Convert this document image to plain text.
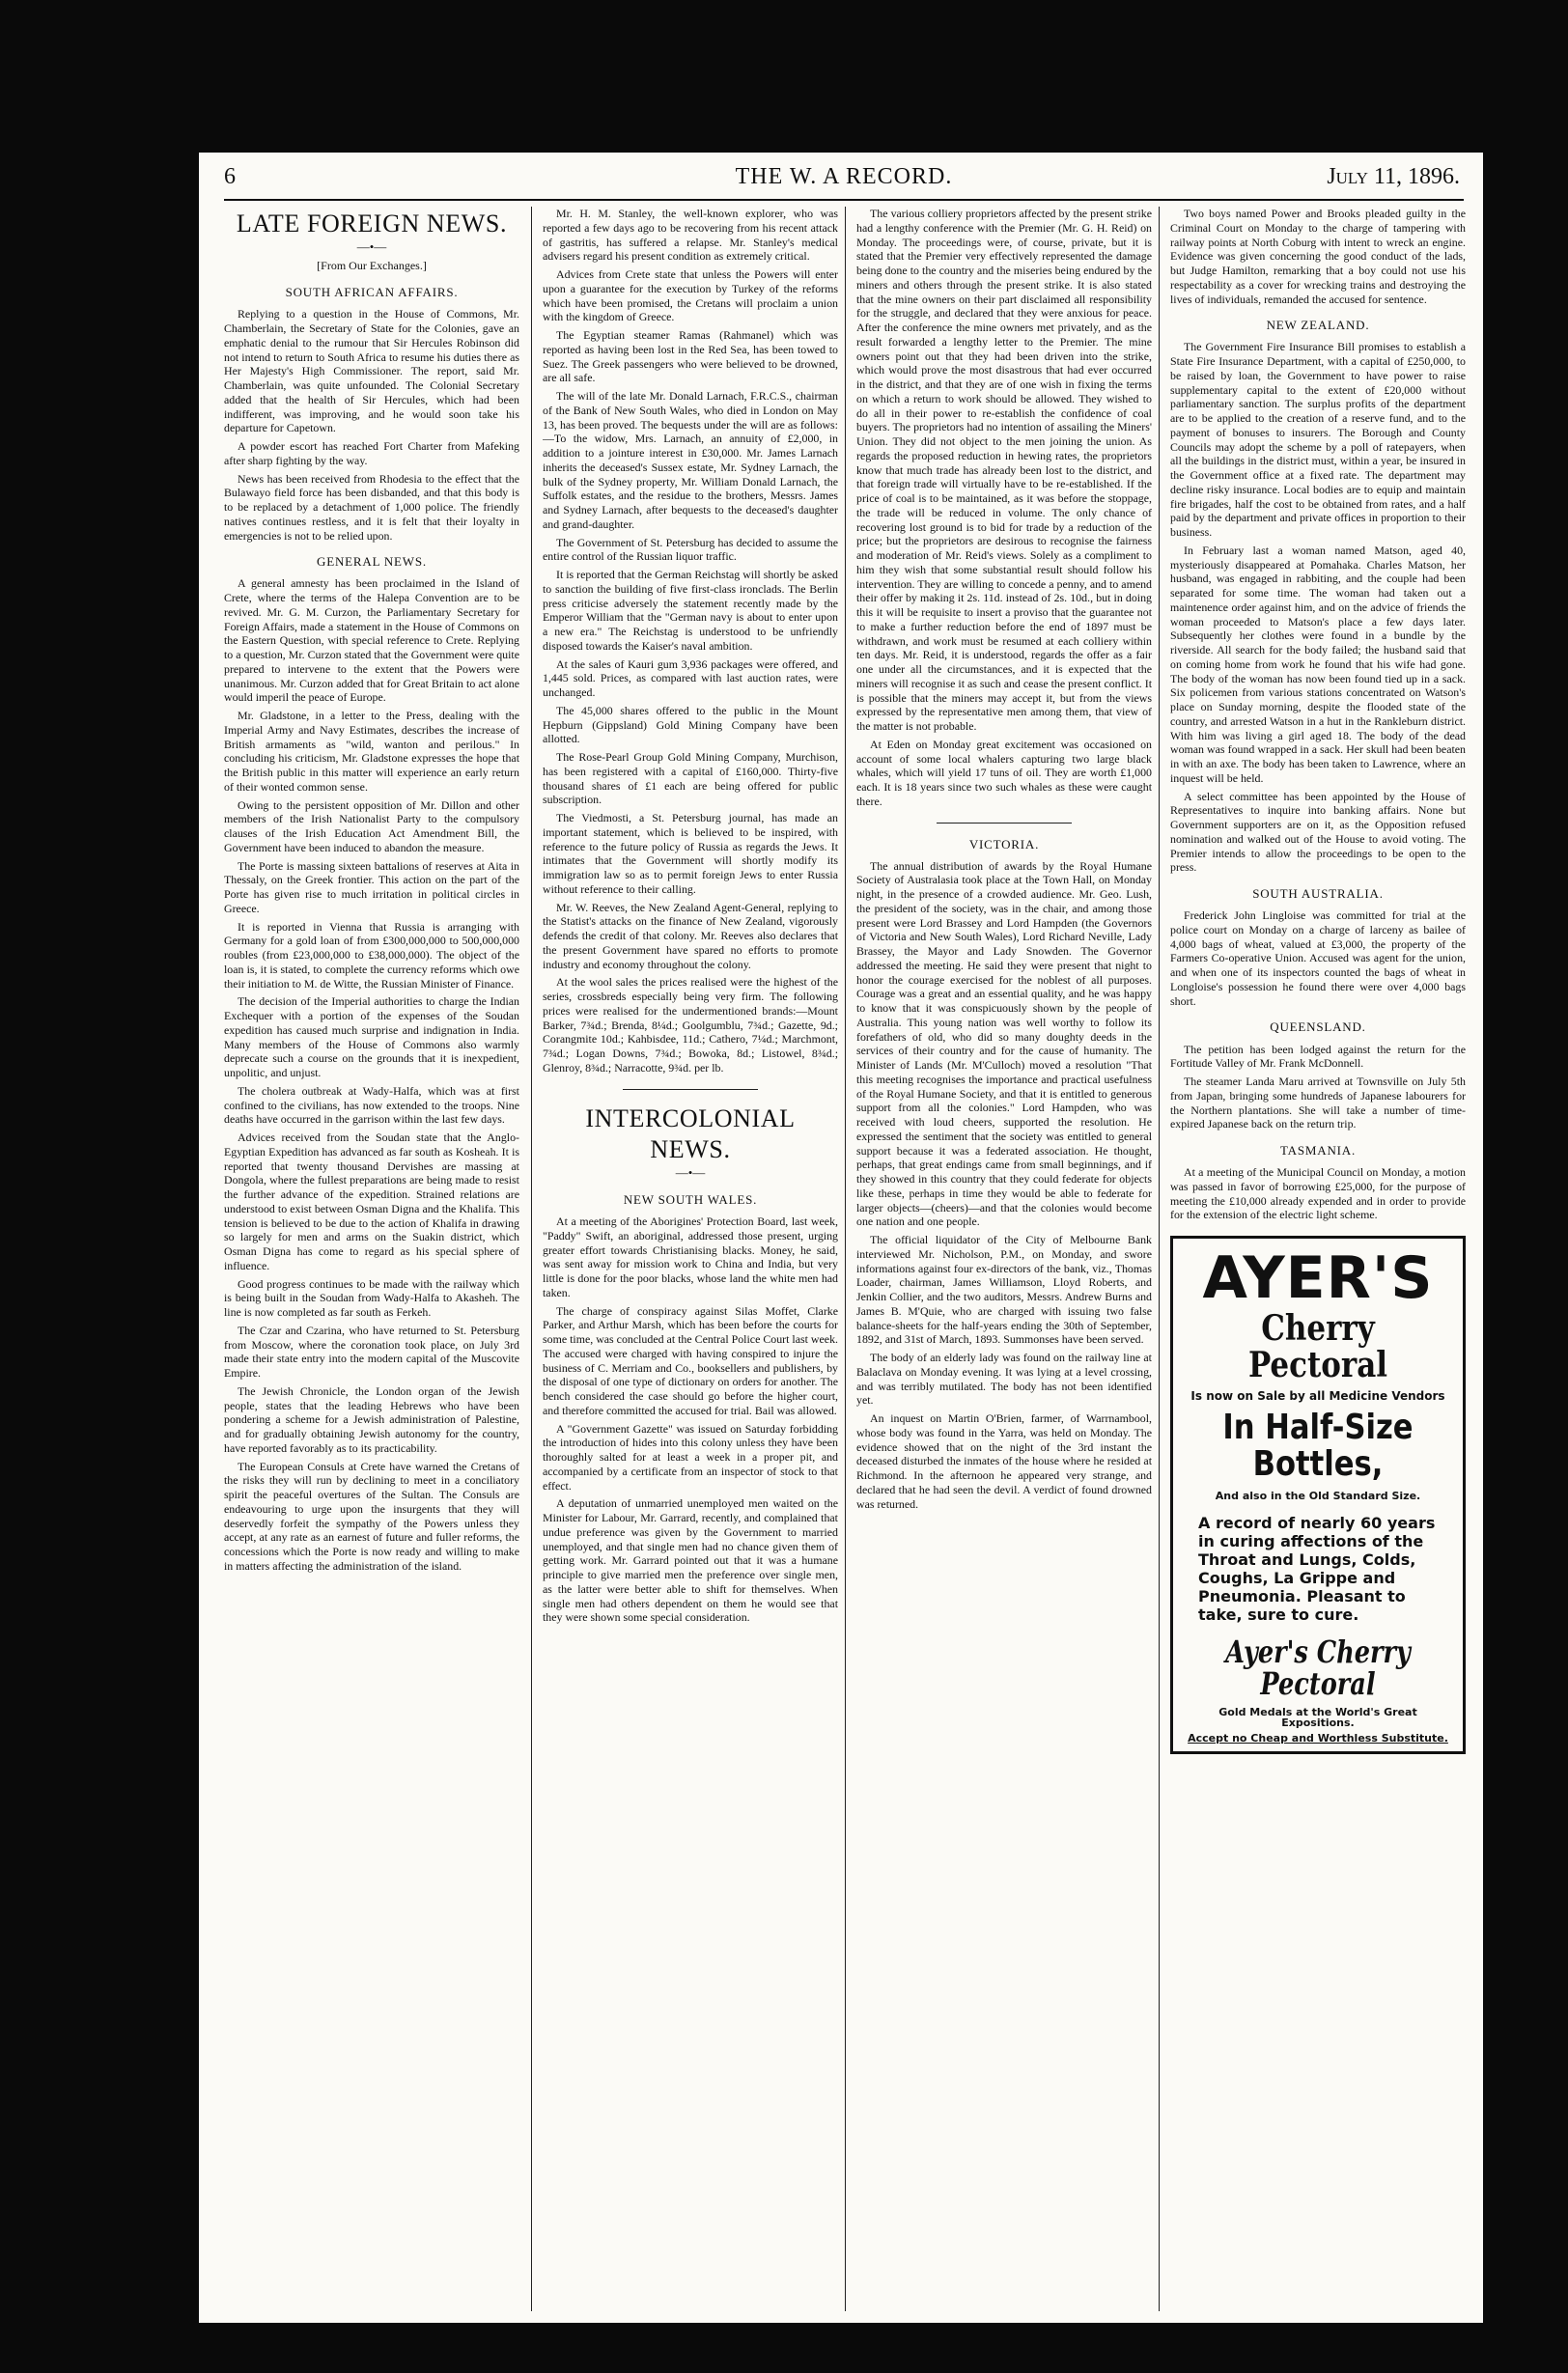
6	THE W. A RECORD.	July 11, 1896.
LATE FOREIGN NEWS.
—•—

[From Our Exchanges.]

SOUTH AFRICAN AFFAIRS.

Replying to a question in the House of Commons, Mr. Chamberlain, the Secretary of State for the Colonies, gave an emphatic denial to the rumour that Sir Hercules Robinson did not intend to return to South Africa to resume his duties there as Her Majesty's High Commissioner. The report, said Mr. Chamberlain, was quite unfounded. The Colonial Secretary added that the health of Sir Hercules, which had been indifferent, was improving, and he would soon take his departure for Capetown.

A powder escort has reached Fort Charter from Mafeking after sharp fighting by the way.

News has been received from Rhodesia to the effect that the Bulawayo field force has been disbanded, and that this body is to be replaced by a detachment of 1,000 police. The friendly natives continues restless, and it is felt that their loyalty in emergencies is not to be relied upon.

GENERAL NEWS.

A general amnesty has been proclaimed in the Island of Crete, where the terms of the Halepa Convention are to be revived. Mr. G. M. Curzon, the Parliamentary Secretary for Foreign Affairs, made a statement in the House of Commons on the Eastern Question, with special reference to Crete. Replying to a question, Mr. Curzon stated that the Government were quite prepared to intervene to the extent that the Powers were unanimous. Mr. Curzon added that for Great Britain to act alone would imperil the peace of Europe.

Mr. Gladstone, in a letter to the Press, dealing with the Imperial Army and Navy Estimates, describes the increase of British armaments as "wild, wanton and perilous." In concluding his criticism, Mr. Gladstone expresses the hope that the British public in this matter will experience an early return of their wonted common sense.

Owing to the persistent opposition of Mr. Dillon and other members of the Irish Nationalist Party to the compulsory clauses of the Irish Education Act Amendment Bill, the Government have been induced to abandon the measure.

The Porte is massing sixteen battalions of reserves at Aita in Thessaly, on the Greek frontier. This action on the part of the Porte has given rise to much irritation in political circles in Greece.

It is reported in Vienna that Russia is arranging with Germany for a gold loan of from £300,000,000 to 500,000,000 roubles (from £23,000,000 to £38,000,000). The object of the loan is, it is stated, to complete the currency reforms which owe their initiation to M. de Witte, the Russian Minister of Finance.

The decision of the Imperial authorities to charge the Indian Exchequer with a portion of the expenses of the Soudan expedition has caused much surprise and indignation in India. Many members of the House of Commons also warmly deprecate such a course on the grounds that it is inexpedient, unpolitic, and unjust.

The cholera outbreak at Wady-Halfa, which was at first confined to the civilians, has now extended to the troops. Nine deaths have occurred in the garrison within the last few days.

Advices received from the Soudan state that the Anglo-Egyptian Expedition has advanced as far south as Kosheah. It is reported that twenty thousand Dervishes are massing at Dongola, where the fullest preparations are being made to resist the further advance of the expedition. Strained relations are understood to exist between Osman Digna and the Khalifa. This tension is believed to be due to the action of Khalifa in drawing so largely for men and arms on the Suakin district, which Osman Digna has come to regard as his special sphere of influence.

Good progress continues to be made with the railway which is being built in the Soudan from Wady-Halfa to Akasheh. The line is now completed as far south as Ferkeh.

The Czar and Czarina, who have returned to St. Petersburg from Moscow, where the coronation took place, on July 3rd made their state entry into the modern capital of the Muscovite Empire.

The Jewish Chronicle, the London organ of the Jewish people, states that the leading Hebrews who have been pondering a scheme for a Jewish administration of Palestine, and for gradually obtaining Jewish autonomy for the country, have reported favorably as to its practicability.

The European Consuls at Crete have warned the Cretans of the risks they will run by declining to meet in a conciliatory spirit the peaceful overtures of the Sultan. The Consuls are endeavouring to urge upon the insurgents that they will deservedly forfeit the sympathy of the Powers unless they accept, at any rate as an earnest of future and fuller reforms, the concessions which the Porte is now ready and willing to make in matters affecting the administration of the island.

Mr. H. M. Stanley, the well-known explorer, who was reported a few days ago to be recovering from his recent attack of gastritis, has suffered a relapse. Mr. Stanley's medical advisers regard his present condition as extremely critical.

Advices from Crete state that unless the Powers will enter upon a guarantee for the execution by Turkey of the reforms which have been promised, the Cretans will proclaim a union with the kingdom of Greece.

The Egyptian steamer Ramas (Rahmanel) which was reported as having been lost in the Red Sea, has been towed to Suez. The Greek passengers who were believed to be drowned, are all safe.

The will of the late Mr. Donald Larnach, F.R.C.S., chairman of the Bank of New South Wales, who died in London on May 13, has been proved. The bequests under the will are as follows:—To the widow, Mrs. Larnach, an annuity of £2,000, in addition to a jointure interest in £30,000. Mr. James Larnach inherits the deceased's Sussex estate, Mr. Sydney Larnach, the bulk of the Sydney property, Mr. William Donald Larnach, the Suffolk estates, and the residue to the brothers, Messrs. James and Sydney Larnach, after bequests to the deceased's daughter and grand-daughter.

The Government of St. Petersburg has decided to assume the entire control of the Russian liquor traffic.

It is reported that the German Reichstag will shortly be asked to sanction the building of five first-class ironclads. The Berlin press criticise adversely the statement recently made by the Emperor William that the "German navy is about to enter upon a new era." The Reichstag is understood to be unfriendly disposed towards the Kaiser's naval ambition.

At the sales of Kauri gum 3,936 packages were offered, and 1,445 sold. Prices, as compared with last auction rates, were unchanged.

The 45,000 shares offered to the public in the Mount Hepburn (Gippsland) Gold Mining Company have been allotted.

The Rose-Pearl Group Gold Mining Company, Murchison, has been registered with a capital of £160,000. Thirty-five thousand shares of £1 each are being offered for public subscription.

The Viedmosti, a St. Petersburg journal, has made an important statement, which is believed to be inspired, with reference to the future policy of Russia as regards the Jews. It intimates that the Government will shortly modify its immigration law so as to permit foreign Jews to enter Russia without reference to their calling.

Mr. W. Reeves, the New Zealand Agent-General, replying to the Statist's attacks on the finance of New Zealand, vigorously defends the credit of that colony. Mr. Reeves also declares that the present Government have spared no efforts to promote industry and economy throughout the colony.

At the wool sales the prices realised were the highest of the series, crossbreds especially being very firm. The following prices were realised for the undermentioned brands:—Mount Barker, 7¾d.; Brenda, 8¼d.; Goolgumblu, 7¾d.; Gazette, 9d.; Corangmite 10d.; Kahbisdee, 11d.; Cathero, 7¼d.; Marchmont, 7¾d.; Logan Downs, 7¾d.; Bowoka, 8d.; Listowel, 8¾d.; Glenroy, 8¾d.; Narracotte, 9¾d. per lb.

INTERCOLONIAL NEWS.
—•—
NEW SOUTH WALES.

At a meeting of the Aborigines' Protection Board, last week, "Paddy" Swift, an aboriginal, addressed those present, urging greater effort towards Christianising blacks. Money, he said, was sent away for mission work to China and India, but very little is done for the poor blacks, whose land the white men had taken.

The charge of conspiracy against Silas Moffet, Clarke Parker, and Arthur Marsh, which has been before the courts for some time, was concluded at the Central Police Court last week. The accused were charged with having conspired to injure the business of C. Merriam and Co., booksellers and publishers, by the disposal of one type of dictionary on orders for another. The bench considered the case should go before the higher court, and therefore committed the accused for trial. Bail was allowed.

A "Government Gazette" was issued on Saturday forbidding the introduction of hides into this colony unless they have been thoroughly salted for at least a week in a proper pit, and accompanied by a certificate from an inspector of stock to that effect.

A deputation of unmarried unemployed men waited on the Minister for Labour, Mr. Garrard, recently, and complained that undue preference was given by the Government to married unemployed, and that single men had no chance given them of getting work. Mr. Garrard pointed out that it was a humane principle to give married men the preference over single men, as the latter were better able to shift for themselves. When single men had others dependent on them he would see that they were shown some special consideration.

The various colliery proprietors affected by the present strike had a lengthy conference with the Premier (Mr. G. H. Reid) on Monday. The proceedings were, of course, private, but it is stated that the Premier very effectively represented the damage being done to the country and the miseries being endured by the miners and others through the present strike. It is also stated that the mine owners on their part disclaimed all responsibility for the struggle, and declared that they were anxious for peace. After the conference the mine owners met privately, and as the result forwarded a lengthy letter to the Premier. The mine owners point out that they had been driven into the strike, which would prove the most disastrous that had ever occurred in the district, and that they are of one wish in fixing the terms on which a return to work should be allowed. They wished to do all in their power to re-establish the confidence of coal buyers. The proprietors had no intention of assailing the Miners' Union. They did not object to the men joining the union. As regards the proposed reduction in hewing rates, the proprietors know that much trade has already been lost to the district, and that foreign trade will virtually have to be re-established. If the price of coal is to be maintained, as it was before the stoppage, the trade will be reduced in volume. The only chance of recovering lost ground is to bid for trade by a reduction of the price; but the proprietors are desirous to recognise the fairness and moderation of Mr. Reid's views. Solely as a compliment to him they wish that some substantial result should follow his intervention. They are willing to concede a penny, and to amend their offer by making it 2s. 11d. instead of 2s. 10d., but in doing this it will be requisite to insert a proviso that the guarantee not to make a further reduction before the end of 1897 must be withdrawn, and work must be resumed at each colliery within ten days. Mr. Reid, it is understood, regards the offer as a fair one under all the circumstances, and it is expected that the miners will recognise it as such and cease the present conflict. It is possible that the miners may accept it, but from the views expressed by the representative men among them, that view of the matter is not probable.

At Eden on Monday great excitement was occasioned on account of some local whalers capturing two large black whales, which will yield 17 tuns of oil. They are worth £1,000 each. It is 18 years since two such whales as these were caught there.

VICTORIA.

The annual distribution of awards by the Royal Humane Society of Australasia took place at the Town Hall, on Monday night, in the presence of a crowded audience. Mr. Geo. Lush, the president of the society, was in the chair, and among those present were Lord Brassey and Lord Hampden (the Governors of Victoria and New South Wales), Lord Richard Neville, Lady Brassey, the Mayor and Lady Snowden. The Governor addressed the meeting. He said they were present that night to honor the courage exercised for the noblest of all purposes. Courage was a great and an essential quality, and he was happy to know that it was conspicuously shown by the people of Australia. This young nation was well worthy to follow its forefathers of old, who did so many doughty deeds in the services of their country and for the cause of humanity. The Minister of Lands (Mr. M'Culloch) moved a resolution "That this meeting recognises the importance and practical usefulness of the Royal Humane Society, and that it is entitled to generous support from all the colonies." Lord Hampden, who was received with loud cheers, supported the resolution. He expressed the sentiment that the society was entitled to general support because it was a federated association. He thought, perhaps, that great endings came from small beginnings, and if they showed in this country that they could federate for objects like these, perhaps in time they would be able to federate for larger objects—(cheers)—and that the colonies would become one nation and one people.

The official liquidator of the City of Melbourne Bank interviewed Mr. Nicholson, P.M., on Monday, and swore informations against four ex-directors of the bank, viz., Thomas Loader, chairman, James Williamson, Lloyd Roberts, and Jenkin Collier, and the two auditors, Messrs. Andrew Burns and James B. M'Quie, who are charged with issuing two false balance-sheets for the half-years ending the 30th of September, 1892, and 31st of March, 1893. Summonses have been served.

The body of an elderly lady was found on the railway line at Balaclava on Monday evening. It was lying at a level crossing, and was terribly mutilated. The body has not been identified yet.

An inquest on Martin O'Brien, farmer, of Warrnambool, whose body was found in the Yarra, was held on Monday. The evidence showed that on the night of the 3rd instant the deceased disturbed the inmates of the house where he resided at Richmond. In the afternoon he appeared very strange, and declared that he had seen the devil. A verdict of found drowned was returned.

Two boys named Power and Brooks pleaded guilty in the Criminal Court on Monday to the charge of tampering with railway points at North Coburg with intent to wreck an engine. Evidence was given concerning the good conduct of the lads, but Judge Hamilton, remarking that a boy could not use his respectability as a cover for wrecking trains and destroying the lives of individuals, remanded the accused for sentence.

NEW ZEALAND.

The Government Fire Insurance Bill promises to establish a State Fire Insurance Department, with a capital of £250,000, to be raised by loan, the Government to have power to raise supplementary capital to the extent of £20,000 without parliamentary sanction. The surplus profits of the department are to be applied to the creation of a reserve fund, and to the payment of bonuses to insurers. The Borough and County Councils may adopt the scheme by a poll of ratepayers, when all the buildings in the district must, within a year, be insured in the Government office at a fixed rate. The department may decline risky insurance. Local bodies are to equip and maintain fire brigades, half the cost to be obtained from rates, and a half paid by the department and private offices in proportion to their business.

In February last a woman named Matson, aged 40, mysteriously disappeared at Pomahaka. Charles Matson, her husband, was engaged in rabbiting, and the couple had been separated for some time. The woman had taken out a maintenence order against him, and on the advice of friends the woman proceeded to Matson's place a few days later. Subsequently her clothes were found in a bundle by the riverside. All search for the body failed; the husband said that on coming home from work he found that his wife had gone. The body of the woman has now been found tied up in a sack. Six policemen from various stations concentrated on Watson's place on Sunday morning, despite the flooded state of the country, and arrested Watson in a hut in the Rankleburn district. With him was living a girl aged 18. The body of the dead woman was found wrapped in a sack. Her skull had been beaten in with an axe. The body has been taken to Lawrence, where an inquest will be held.

A select committee has been appointed by the House of Representatives to inquire into banking affairs. None but Government supporters are on it, as the Opposition refused nomination and walked out of the House to avoid voting. The Premier intends to allow the proceedings to be open to the press.

SOUTH AUSTRALIA.

Frederick John Lingloise was committed for trial at the police court on Monday on a charge of larceny as bailee of 4,000 bags of wheat, valued at £3,000, the property of the Farmers Co-operative Union. Accused was agent for the union, and when one of its inspectors counted the bags of wheat in Longloise's possession he found there were over 4,000 bags short.

QUEENSLAND.

The petition has been lodged against the return for the Fortitude Valley of Mr. Frank McDonnell.

The steamer Landa Maru arrived at Townsville on July 5th from Japan, bringing some hundreds of Japanese labourers for the Northern plantations. She will take a number of time-expired Japanese back on the return trip.

TASMANIA.

At a meeting of the Municipal Council on Monday, a motion was passed in favor of borrowing £25,000, for the purpose of meeting the £10,000 already expended and in order to provide for the extension of the electric light scheme.

AYER'S
Cherry Pectoral
Is now on Sale by all Medicine Vendors
In Half-Size Bottles,
And also in the Old Standard Size.
A record of nearly 60 years in curing affections of the Throat and Lungs, Colds, Coughs, La Grippe and Pneumonia. Pleasant to take, sure to cure.
Ayer's Cherry Pectoral
Gold Medals at the World's Great Expositions.
Accept no Cheap and Worthless Substitute.
